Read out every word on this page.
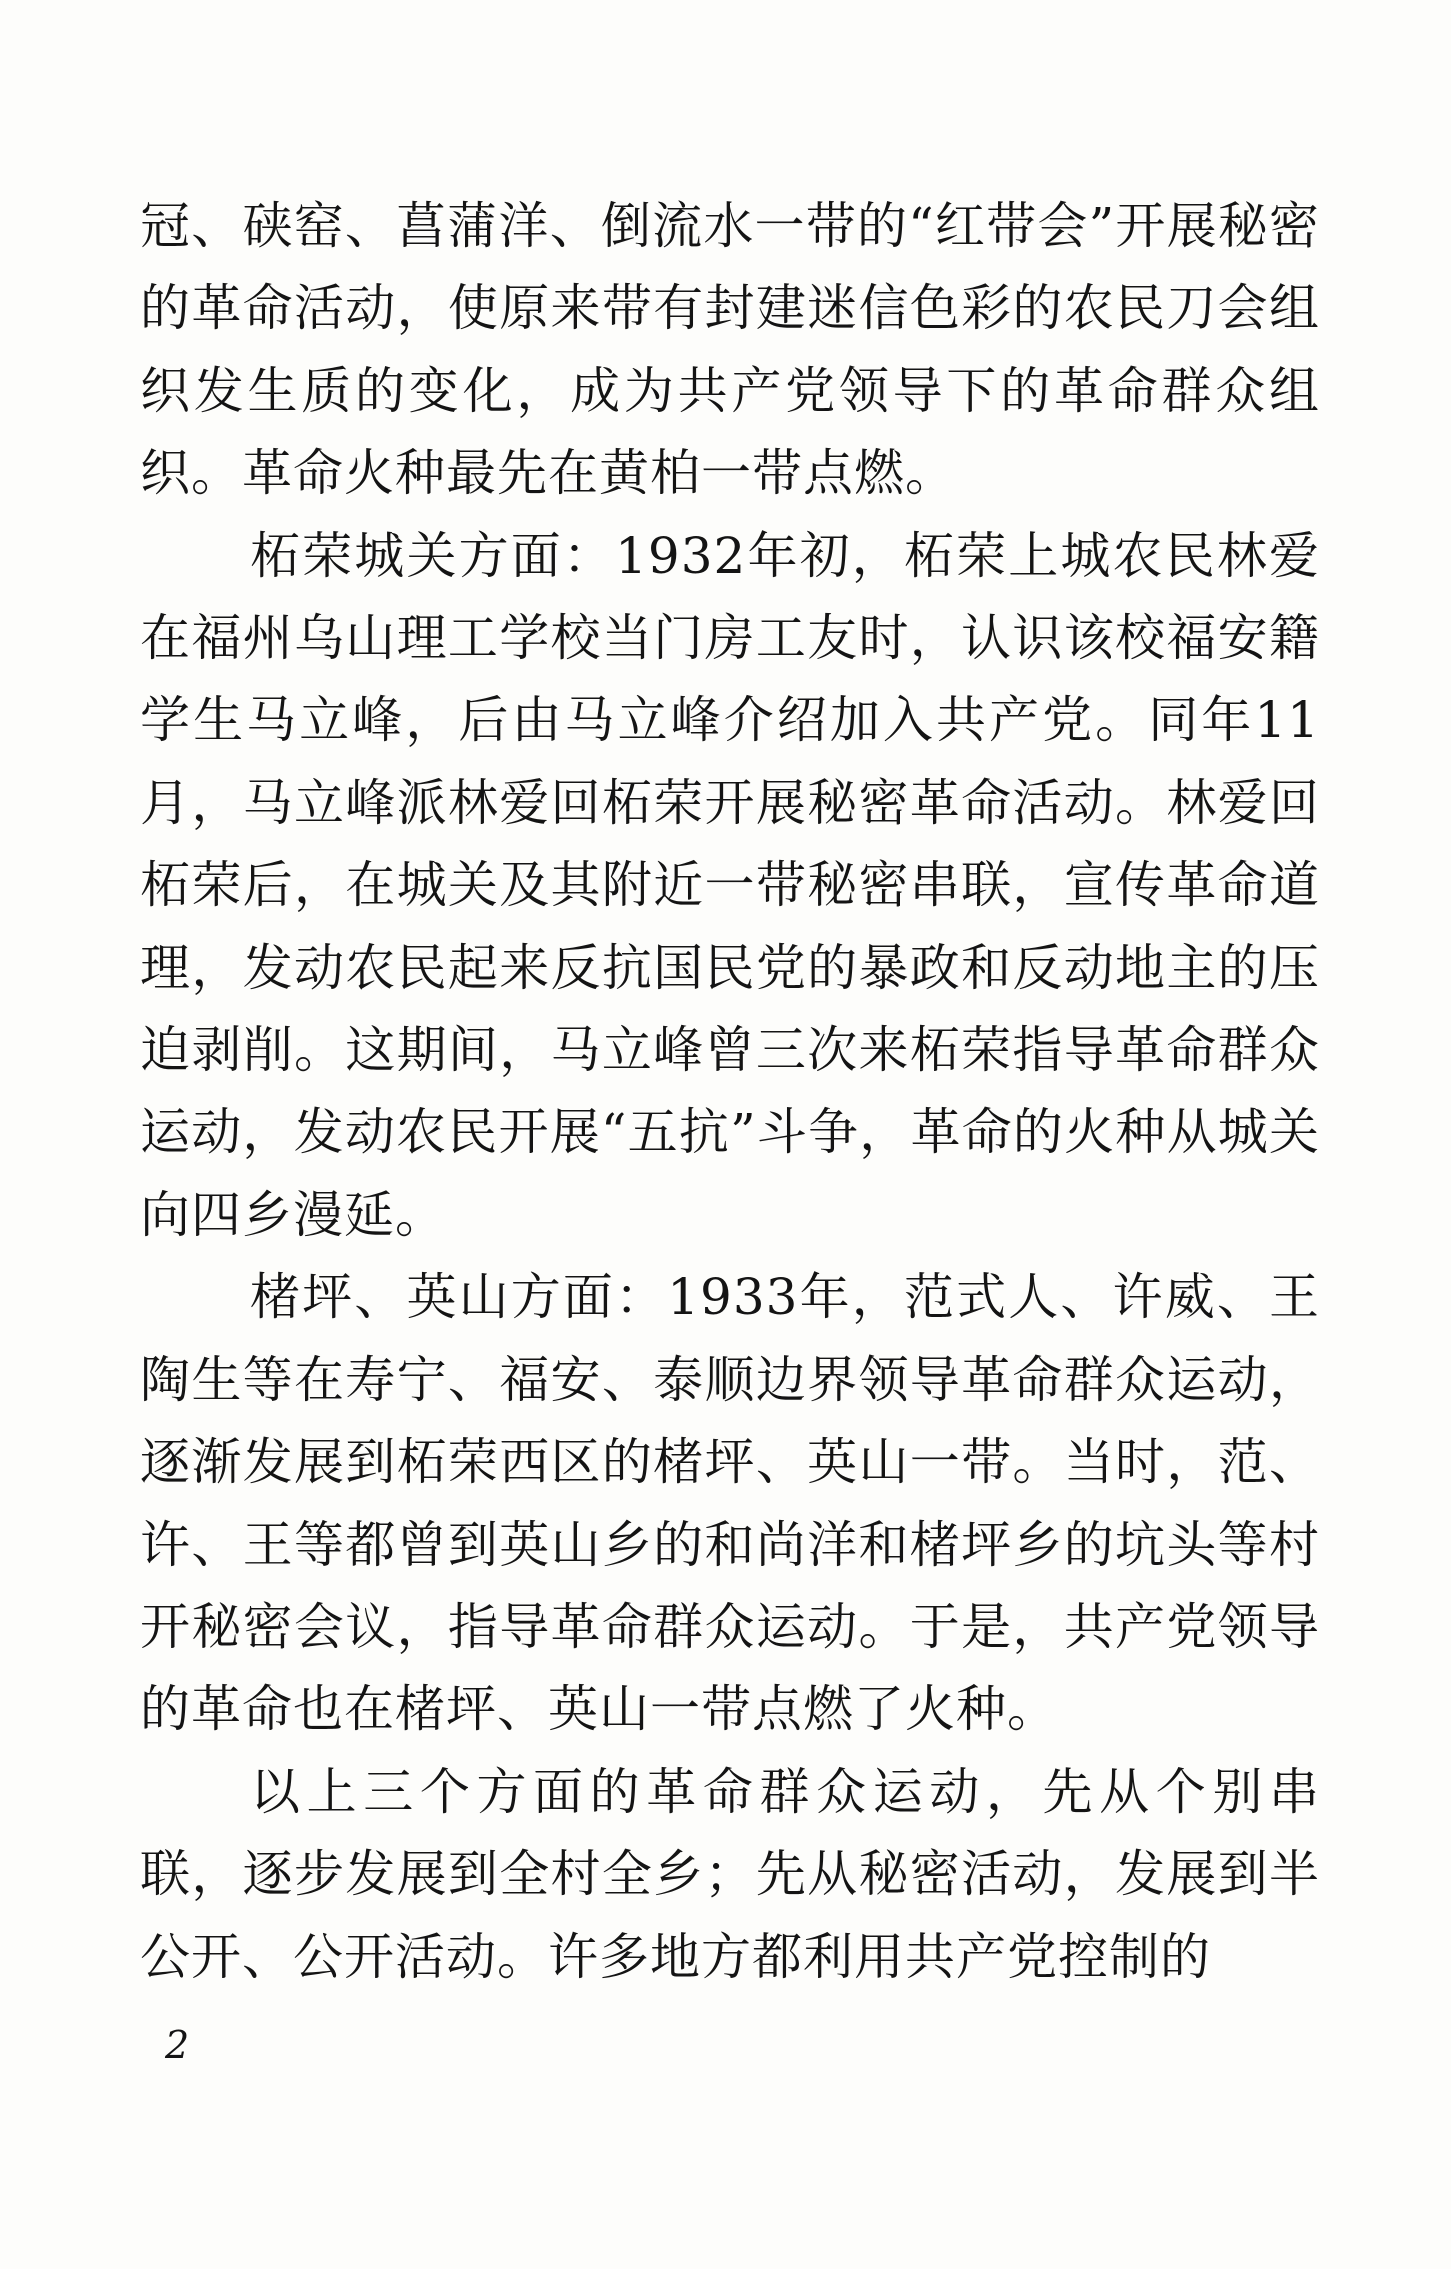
冠、硖窑、菖蒲洋、倒流水一带的“红带会”开展秘密的革命活动，使原来带有封建迷信色彩的农民刀会组织发生质的变化，成为共产党领导下的革命群众组织。革命火种最先在黄柏一带点燃。

柘荣城关方面：1932年初，柘荣上城农民林爱在福州乌山理工学校当门房工友时，认识该校福安籍学生马立峰，后由马立峰介绍加入共产党。同年11月，马立峰派林爱回柘荣开展秘密革命活动。林爱回柘荣后，在城关及其附近一带秘密串联，宣传革命道理，发动农民起来反抗国民党的暴政和反动地主的压迫剥削。这期间，马立峰曾三次来柘荣指导革命群众运动，发动农民开展“五抗”斗争，革命的火种从城关向四乡漫延。

楮坪、英山方面：1933年，范式人、许威、王陶生等在寿宁、福安、泰顺边界领导革命群众运动，逐渐发展到柘荣西区的楮坪、英山一带。当时，范、许、王等都曾到英山乡的和尚洋和楮坪乡的坑头等村开秘密会议，指导革命群众运动。于是，共产党领导的革命也在楮坪、英山一带点燃了火种。

以上三个方面的革命群众运动，先从个别串联，逐步发展到全村全乡；先从秘密活动，发展到半公开、公开活动。许多地方都利用共产党控制的

2
